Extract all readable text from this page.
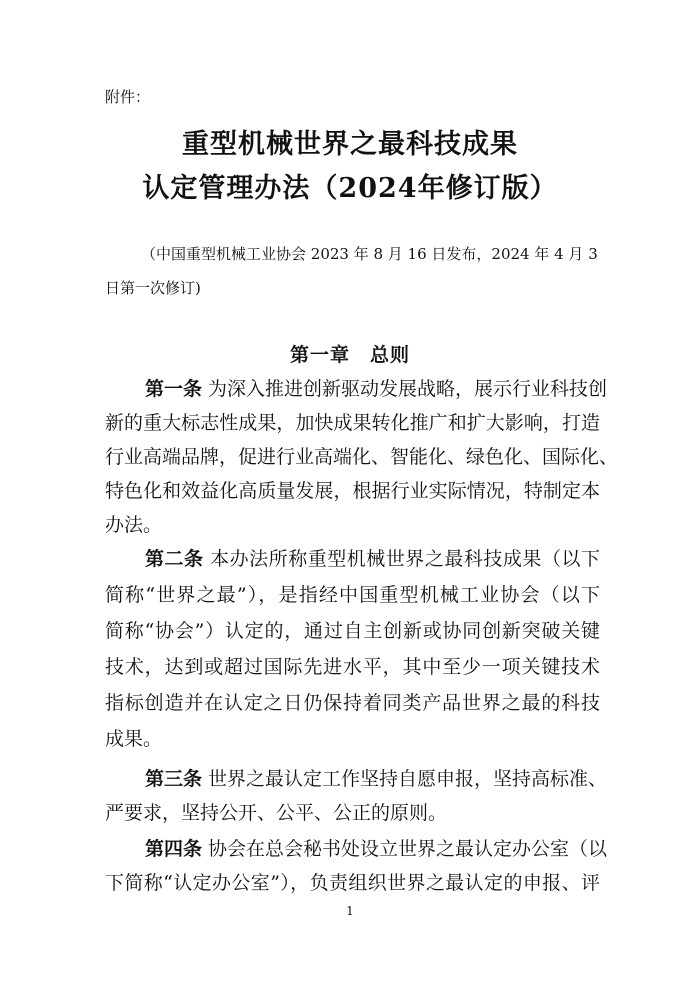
附件：
重型机械世界之最科技成果
认定管理办法（2024年修订版）
（中国重型机械工业协会 2023 年 8 月 16 日发布，2024 年 4 月 3
日第一次修订)
第一章　总则
第一条 为深入推进创新驱动发展战略，展示行业科技创
新的重大标志性成果，加快成果转化推广和扩大影响，打造
行业高端品牌，促进行业高端化、智能化、绿色化、国际化、
特色化和效益化高质量发展，根据行业实际情况，特制定本
办法。
第二条 本办法所称重型机械世界之最科技成果（以下
简称“世界之最”），是指经中国重型机械工业协会（以下
简称“协会”）认定的，通过自主创新或协同创新突破关键
技术，达到或超过国际先进水平，其中至少一项关键技术
指标创造并在认定之日仍保持着同类产品世界之最的科技
成果。
第三条 世界之最认定工作坚持自愿申报，坚持高标准、
严要求，坚持公开、公平、公正的原则。
第四条 协会在总会秘书处设立世界之最认定办公室（以
下简称“认定办公室”），负责组织世界之最认定的申报、评
1
